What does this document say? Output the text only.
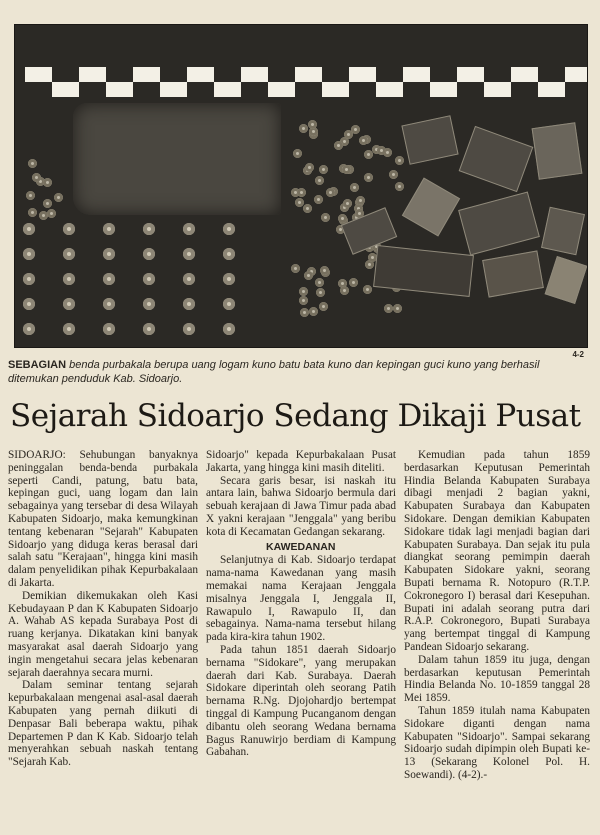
4-2
SEBAGIAN benda purbakala berupa uang logam kuno batu bata kuno dan kepingan guci kuno yang berhasil ditemukan penduduk Kab. Sidoarjo.
Sejarah Sidoarjo Sedang Dikaji Pusat

SIDOARJO: Sehubungan banyaknya peninggalan benda-benda purbakala seperti Candi, patung, batu bata, kepingan guci, uang logam dan lain sebagainya yang tersebar di desa Wilayah Kabupaten Sidoarjo, maka kemungkinan tentang kebenaran "Sejarah" Kabupaten Sidoarjo yang diduga keras berasal dari salah satu "Kerajaan", hingga kini masih dalam penyelidikan pihak Kepurbakalaan di Jakarta.

Demikian dikemukakan oleh Kasi Kebudayaan P dan K Kabupaten Sidoarjo A. Wahab AS kepada Surabaya Post di ruang kerjanya. Dikatakan kini banyak masyarakat asal daerah Sidoarjo yang ingin mengetahui secara jelas kebenaran sejarah daerahnya secara murni.

Dalam seminar tentang sejarah kepurbakalaan mengenai asal-asal daerah Kabupaten yang pernah diikuti di Denpasar Bali beberapa waktu, pihak Departemen P dan K Kab. Sidoarjo telah menyerahkan sebuah naskah tentang "Sejarah Kab.

Sidoarjo" kepada Kepurbakalaan Pusat Jakarta, yang hingga kini masih diteliti.

Secara garis besar, isi naskah itu antara lain, bahwa Sidoarjo bermula dari sebuah kerajaan di Jawa Timur pada abad X yakni kerajaan "Jenggala" yang beribu kota di Kecamatan Gedangan sekarang.

KAWEDANAN

Selanjutnya di Kab. Sidoarjo terdapat nama-nama Kawedanan yang masih memakai nama Kerajaan Jenggala misalnya Jenggala I, Jenggala II, Rawapulo I, Rawapulo II, dan sebagainya. Nama-nama tersebut hilang pada kira-kira tahun 1902.

Pada tahun 1851 daerah Sidoarjo bernama "Sidokare", yang merupakan daerah dari Kab. Surabaya. Daerah Sidokare diperintah oleh seorang Patih bernama R.Ng. Djojohardjo bertempat tinggal di Kampung Pucanganom dengan dibantu oleh seorang Wedana bernama Bagus Ranuwirjo berdiam di Kampung Gabahan.

Kemudian pada tahun 1859 berdasarkan Keputusan Pemerintah Hindia Belanda Kabupaten Surabaya dibagi menjadi 2 bagian yakni, Kabupaten Surabaya dan Kabupaten Sidokare. Dengan demikian Kabupaten Sidokare tidak lagi menjadi bagian dari Kabupaten Surabaya. Dan sejak itu pula diangkat seorang pemimpin daerah Kabupaten Sidokare yakni, seorang Bupati bernama R. Notopuro (R.T.P. Cokronegoro I) berasal dari Kesepuhan. Bupati ini adalah seorang putra dari R.A.P. Cokronegoro, Bupati Surabaya yang bertempat tinggal di Kampung Pandean Sidoarjo sekarang.

Dalam tahun 1859 itu juga, dengan berdasarkan keputusan Pemerintah Hindia Belanda No. 10-1859 tanggal 28 Mei 1859.

Tahun 1859 itulah nama Kabupaten Sidokare diganti dengan nama Kabupaten "Sidoarjo". Sampai sekarang Sidoarjo sudah dipimpin oleh Bupati ke-13 (Sekarang Kolonel Pol. H. Soewandi). (4-2).-
